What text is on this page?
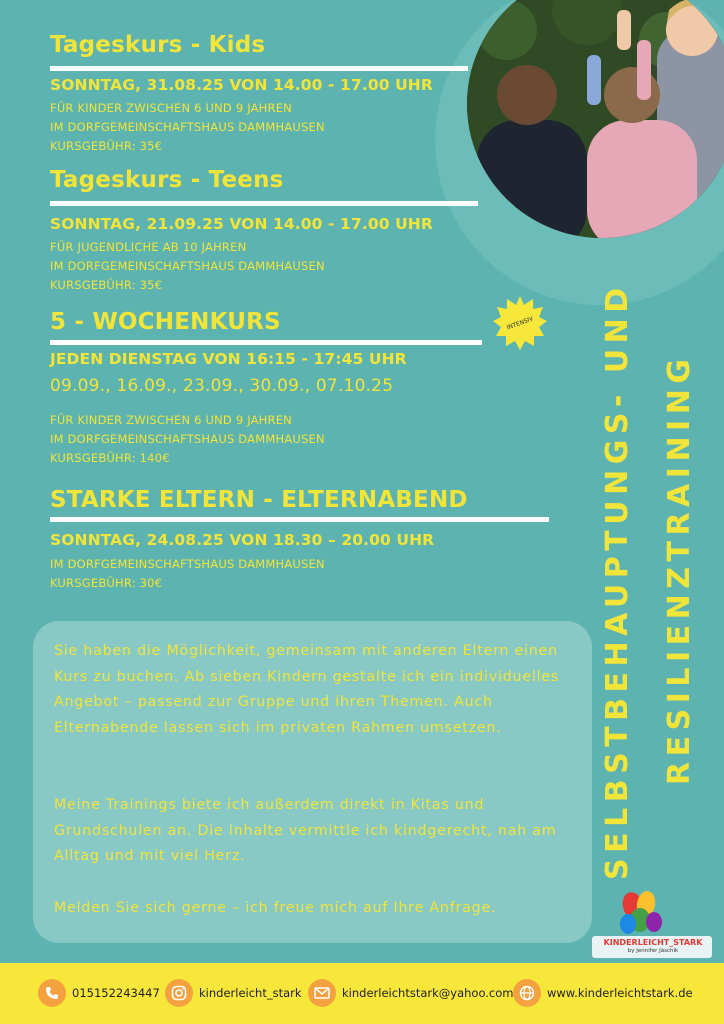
Tageskurs - Kids
SONNTAG, 31.08.25 VON 14.00 - 17.00 UHR
FÜR KINDER ZWISCHEN 6 UND 9 JAHREN
IM DORFGEMEINSCHAFTSHAUS DAMMHAUSEN
KURSGEBÜHR: 35€
Tageskurs - Teens
SONNTAG, 21.09.25 VON 14.00 - 17.00 UHR
FÜR JUGENDLICHE AB 10 JAHREN
IM DORFGEMEINSCHAFTSHAUS DAMMHAUSEN
KURSGEBÜHR: 35€
5 - WOCHENKURS
JEDEN DIENSTAG VON 16:15 - 17:45 UHR
09.09., 16.09., 23.09., 30.09., 07.10.25
FÜR KINDER ZWISCHEN 6 UND 9 JAHREN
IM DORFGEMEINSCHAFTSHAUS DAMMHAUSEN
KURSGEBÜHR: 140€
INTENSIV
STARKE ELTERN - ELTERNABEND
SONNTAG, 24.08.25 VON 18.30 – 20.00 UHR
IM DORFGEMEINSCHAFTSHAUS DAMMHAUSEN
KURSGEBÜHR: 30€
Sie haben die Möglichkeit, gemeinsam mit anderen Eltern einen Kurs zu buchen. Ab sieben Kindern gestalte ich ein individuelles Angebot – passend zur Gruppe und ihren Themen. Auch Elternabende lassen sich im privaten Rahmen umsetzen.
Meine Trainings biete ich außerdem direkt in Kitas und Grundschulen an. Die Inhalte vermittle ich kindgerecht, nah am Alltag und mit viel Herz.
Melden Sie sich gerne – ich freue mich auf Ihre Anfrage.
SELBSTBEHAUPTUNGS- UND RESILIENZTRAINING
KINDERLEICHT_STARK
by Jennifer Jäschik
015152243447	kinderleicht_stark	kinderleichtstark@yahoo.com	www.kinderleichtstark.de
